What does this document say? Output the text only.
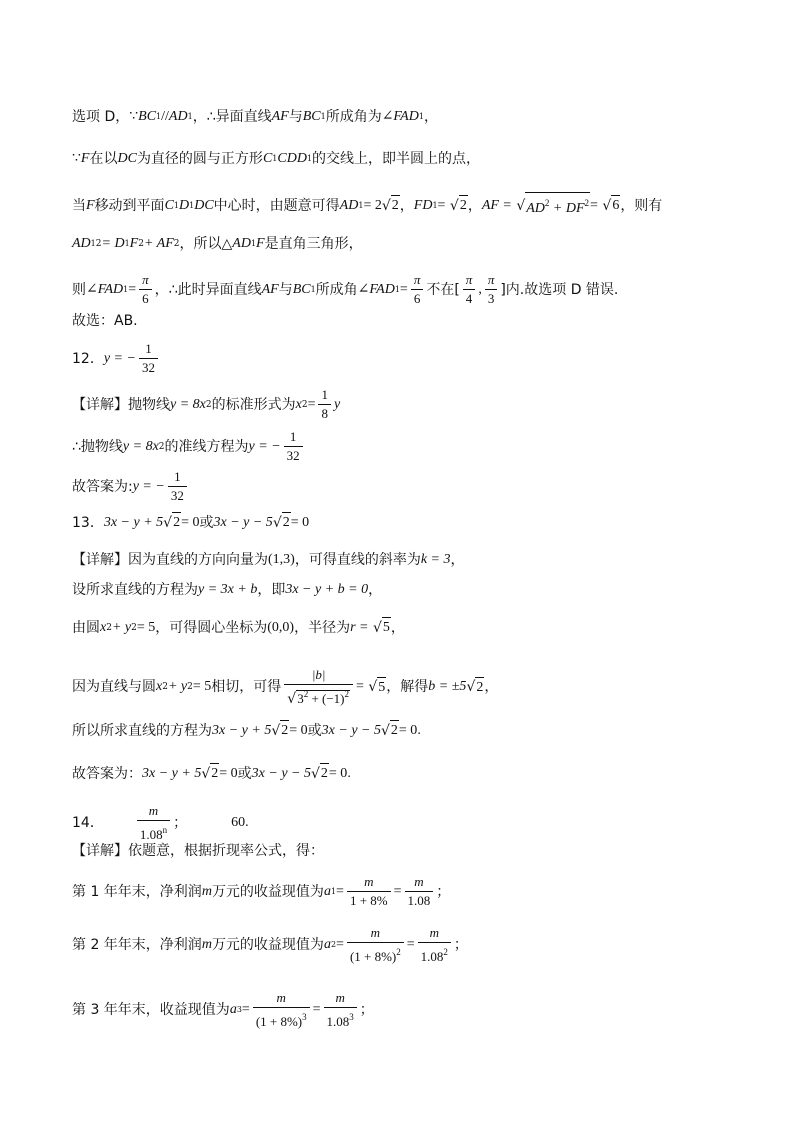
选项 D， ∵ BC 1 // AD 1 ，∴异面直线 AF 与 BC 1 所成角为 ∠FAD 1 ，
∵ F 在以 DC 为直径的圆与正方形 C 1 CDD 1 的交线上，即半圆上的点，
当 F 移动到平面 C 1 D 1 DC 中心时，由题意可得 AD 1 = 2 √ 2 ， FD 1 = √ 2 ， AF = √ $AD^2 + DF^2$ = √ 6 ，则有
AD 1 2 = D 1 F 2 + AF 2 ，所以△ AD 1 F 是直角三角形，
则 ∠FAD $1 = \frac{\pi}{6}$ ，∴此时异面直线 AF 与 BC 1 所成角 ∠FAD $1 = \frac{\pi}{6}$ 不在[ $\frac{\pi}{4}$ , $\frac{\pi}{3}$ ]内.故选项 D 错误.
故选：AB.
12． y = − $\frac{1}{32}$
【详解】抛物线 y = 8x 2 的标准形式为 x $2 = \frac{1}{8}$ y
∴抛物线 y = 8x 2 的准线方程为 y = − $\frac{1}{32}$
故答案为: y = − $\frac{1}{32}$
13． 3x − y + 5 √ 2 = 0 或 3x − y − 5 √ 2 = 0
【详解】因为直线的方向向量为 (1,3) ，可得直线的斜率为 k = 3 ，
设所求直线的方程为 y = 3x + b ，即 3x − y + b = 0 ，
由圆 x 2 + y 2 = 5 ，可得圆心坐标为 (0,0) ，半径为 r = √ 5 ，
因为直线与圆 x 2 + y 2 = 5 相切，可得 $\frac{|b|}{√3^2 + (-1)^2}$ = √ 5 ，解得 b = ±5 √ 2 ，
所以所求直线的方程为 3x − y + 5 √ 2 = 0 或 3x − y − 5 √ 2 = 0 .
故答案为： 3x − y + 5 √ 2 = 0 或 3x − y − 5 √ 2 = 0 .
14．	$\frac{m}{1.08^n}$ ；	60 .
【详解】依题意，根据折现率公式，得：
第 1 年年末，净利润 m 万元的收益现值为 a $1 = \frac{m}{1 + 8\%} = \frac{m}{1.08}$ ；
第 2 年年末，净利润 m 万元的收益现值为 a $2 = \frac{m}{(1 + 8\%)^2} = \frac{m}{1.08^2}$ ；
第 3 年年末，收益现值为 a $3 = \frac{m}{(1 + 8\%)^3} = \frac{m}{1.08^3}$ ；
